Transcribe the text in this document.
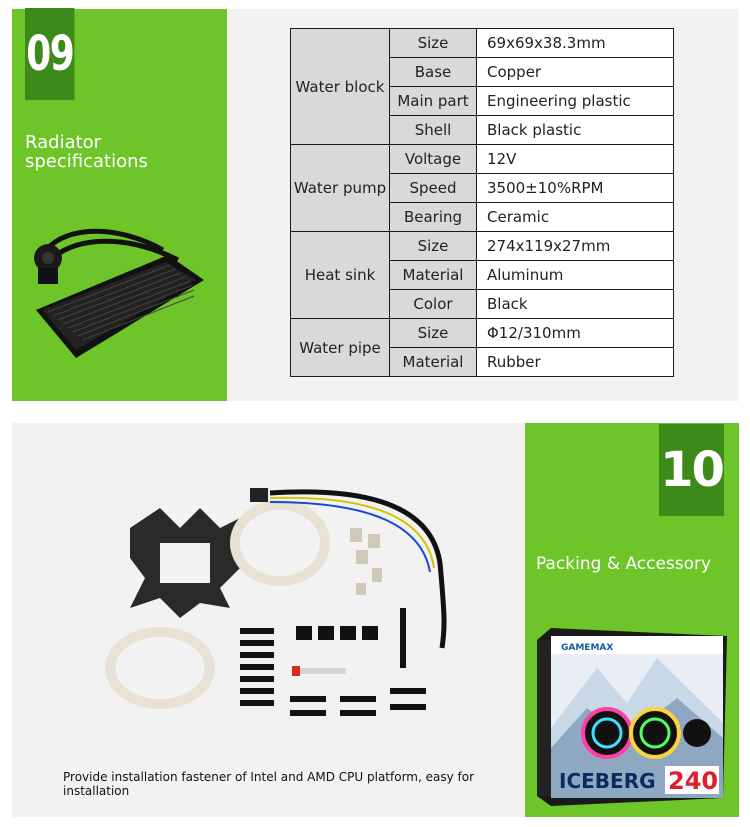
09
Radiator
specifications
Water block	Size	69x69x38.3mm
	Base	Copper
	Main part	Engineering plastic
	Shell	Black plastic
Water pump	Voltage	12V
	Speed	3500±10%RPM
	Bearing	Ceramic
Heat sink	Size	274x119x27mm
	Material	Aluminum
	Color	Black
Water pipe	Size	Φ12/310mm
	Material	Rubber
10
Packing & Accessory
Provide installation fastener of Intel and AMD CPU platform, easy for installation
GAMEMAX
ICEBERG 240
